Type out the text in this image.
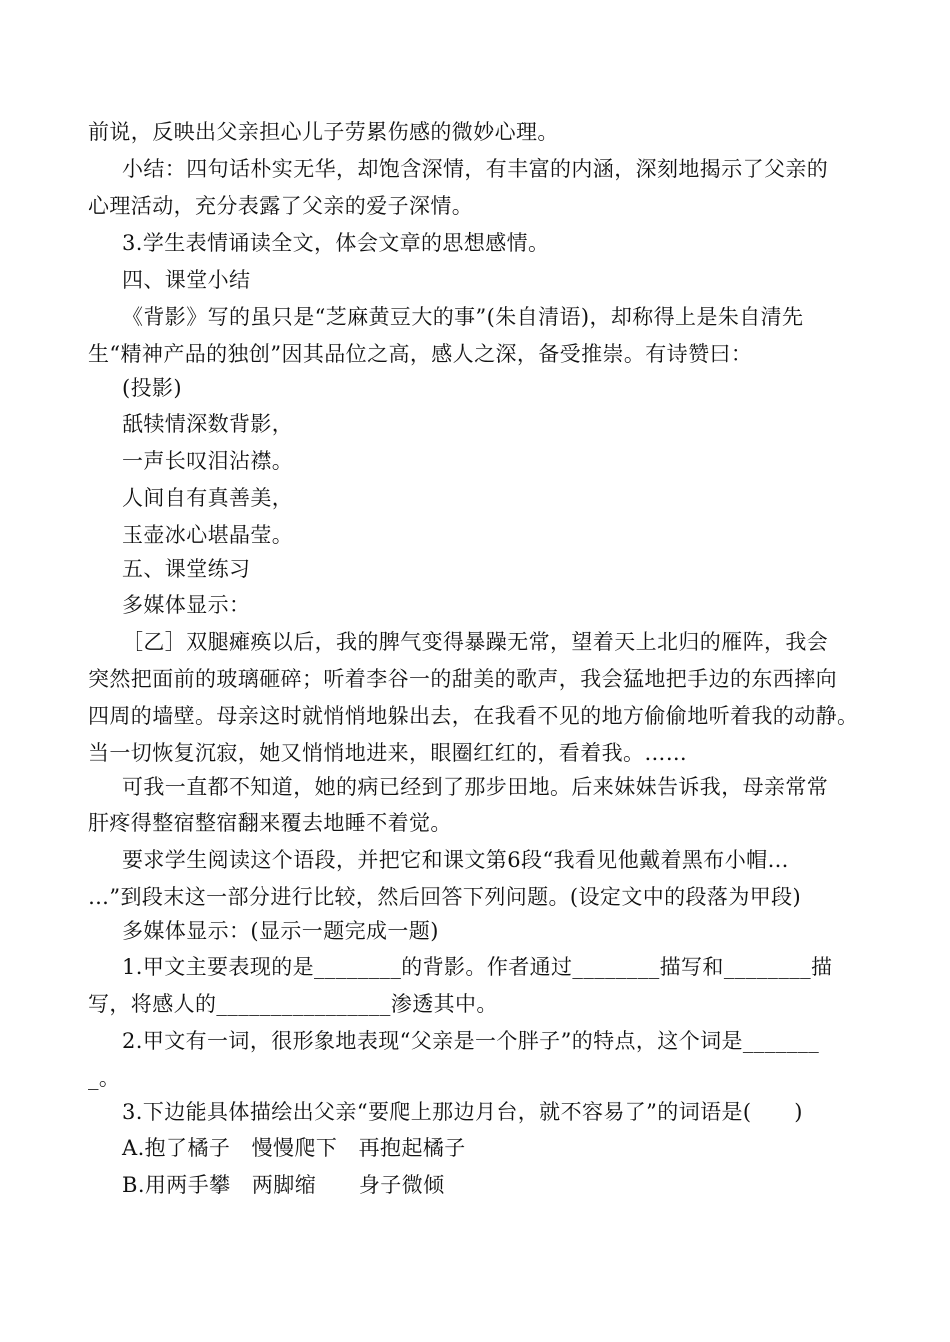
前说，反映出父亲担心儿子劳累伤感的微妙心理。
小结：四句话朴实无华，却饱含深情，有丰富的内涵，深刻地揭示了父亲的
心理活动，充分表露了父亲的爱子深情。
3.学生表情诵读全文，体会文章的思想感情。
四、课堂小结
《背影》写的虽只是“芝麻黄豆大的事”(朱自清语)，却称得上是朱自清先
生“精神产品的独创”因其品位之高，感人之深，备受推崇。有诗赞曰：
(投影)
舐犊情深数背影，
一声长叹泪沾襟。
人间自有真善美，
玉壶冰心堪晶莹。
五、课堂练习
多媒体显示：
［乙］双腿瘫痪以后，我的脾气变得暴躁无常，望着天上北归的雁阵，我会
突然把面前的玻璃砸碎；听着李谷一的甜美的歌声，我会猛地把手边的东西摔向
四周的墙壁。母亲这时就悄悄地躲出去，在我看不见的地方偷偷地听着我的动静。
当一切恢复沉寂，她又悄悄地进来，眼圈红红的，看着我。……
可我一直都不知道，她的病已经到了那步田地。后来妹妹告诉我，母亲常常
肝疼得整宿整宿翻来覆去地睡不着觉。
要求学生阅读这个语段，并把它和课文第6段“我看见他戴着黑布小帽…
…”到段末这一部分进行比较，然后回答下列问题。(设定文中的段落为甲段)
多媒体显示：(显示一题完成一题)
1.甲文主要表现的是________的背影。作者通过________描写和________描
写，将感人的________________渗透其中。
2.甲文有一词，很形象地表现“父亲是一个胖子”的特点，这个词是_______
_。
3.下边能具体描绘出父亲“要爬上那边月台，就不容易了”的词语是(　　)
A.抱了橘子　慢慢爬下　再抱起橘子
B.用两手攀　两脚缩　　身子微倾
